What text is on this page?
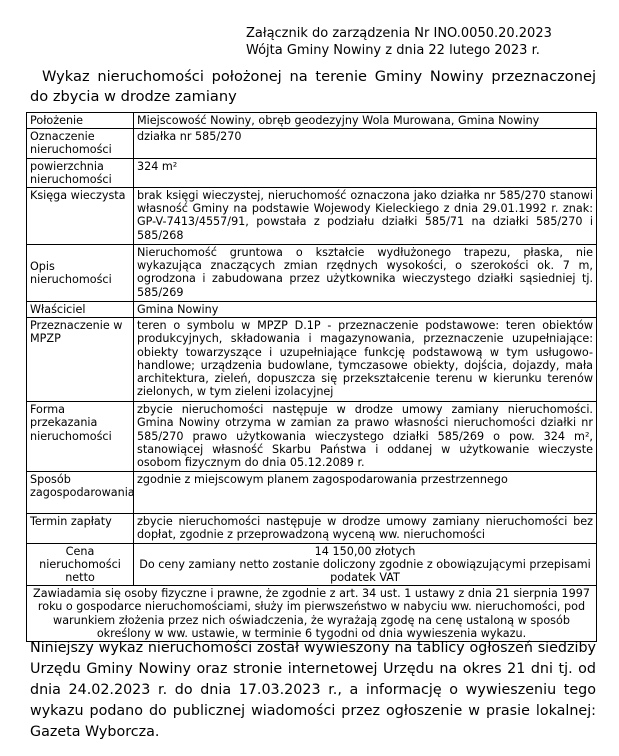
Załącznik do zarządzenia Nr INO.0050.20.2023
Wójta Gminy Nowiny z dnia 22 lutego 2023 r.
Wykaz nieruchomości położonej na terenie Gminy Nowiny przeznaczonej do zbycia w drodze zamiany
Położenie	Miejscowość Nowiny, obręb geodezyjny Wola Murowana, Gmina Nowiny
Oznaczenie nieruchomości	działka nr 585/270
powierzchnia nieruchomości	324 m²
Księga wieczysta	brak księgi wieczystej, nieruchomość oznaczona jako działka nr 585/270 stanowi własność Gminy na podstawie Wojewody Kieleckiego z dnia 29.01.1992 r. znak: GP-V-7413/4557/91, powstała z podziału działki 585/71 na działki 585/270 i 585/268
Opis nieruchomości	Nieruchomość gruntowa o kształcie wydłużonego trapezu, płaska, nie wykazująca znaczących zmian rzędnych wysokości, o szerokości ok. 7 m, ogrodzona i zabudowana przez użytkownika wieczystego działki sąsiedniej tj. 585/269
Właściciel	Gmina Nowiny
Przeznaczenie w MPZP	teren o symbolu w MPZP D.1P - przeznaczenie podstawowe: teren obiektów produkcyjnych, składowania i magazynowania, przeznaczenie uzupełniające: obiekty towarzyszące i uzupełniające funkcję podstawową w tym usługowo-handlowe; urządzenia budowlane, tymczasowe obiekty, dojścia, dojazdy, mała architektura, zieleń, dopuszcza się przekształcenie terenu w kierunku terenów zielonych, w tym zieleni izolacyjnej
Forma przekazania nieruchomości	zbycie nieruchomości następuje w drodze umowy zamiany nieruchomości. Gmina Nowiny otrzyma w zamian za prawo własności nieruchomości działki nr 585/270 prawo użytkowania wieczystego działki 585/269 o pow. 324 m², stanowiącej własność Skarbu Państwa i oddanej w użytkowanie wieczyste osobom fizycznym do dnia 05.12.2089 r.
Sposób zagospodarowania	zgodnie z miejscowym planem zagospodarowania przestrzennego
Termin zapłaty	zbycie nieruchomości następuje w drodze umowy zamiany nieruchomości bez dopłat, zgodnie z przeprowadzoną wyceną ww. nieruchomości
Cena nieruchomości netto	14 150,00 złotych
Do ceny zamiany netto zostanie doliczony zgodnie z obowiązującymi przepisami podatek VAT

Zawiadamia się osoby fizyczne i prawne, że zgodnie z art. 34 ust. 1 ustawy z dnia 21 sierpnia 1997 roku o gospodarce nieruchomościami, służy im pierwszeństwo w nabyciu ww. nieruchomości, pod warunkiem złożenia przez nich oświadczenia, że wyrażają zgodę na cenę ustaloną w sposób określony w ww. ustawie, w terminie 6 tygodni od dnia wywieszenia wykazu.	
Niniejszy wykaz nieruchomości został wywieszony na tablicy ogłoszeń siedziby Urzędu Gminy Nowiny oraz stronie internetowej Urzędu na okres 21 dni tj. od dnia 24.02.2023 r. do dnia 17.03.2023 r., a informację o wywieszeniu tego wykazu podano do publicznej wiadomości przez ogłoszenie w prasie lokalnej: Gazeta Wyborcza.
